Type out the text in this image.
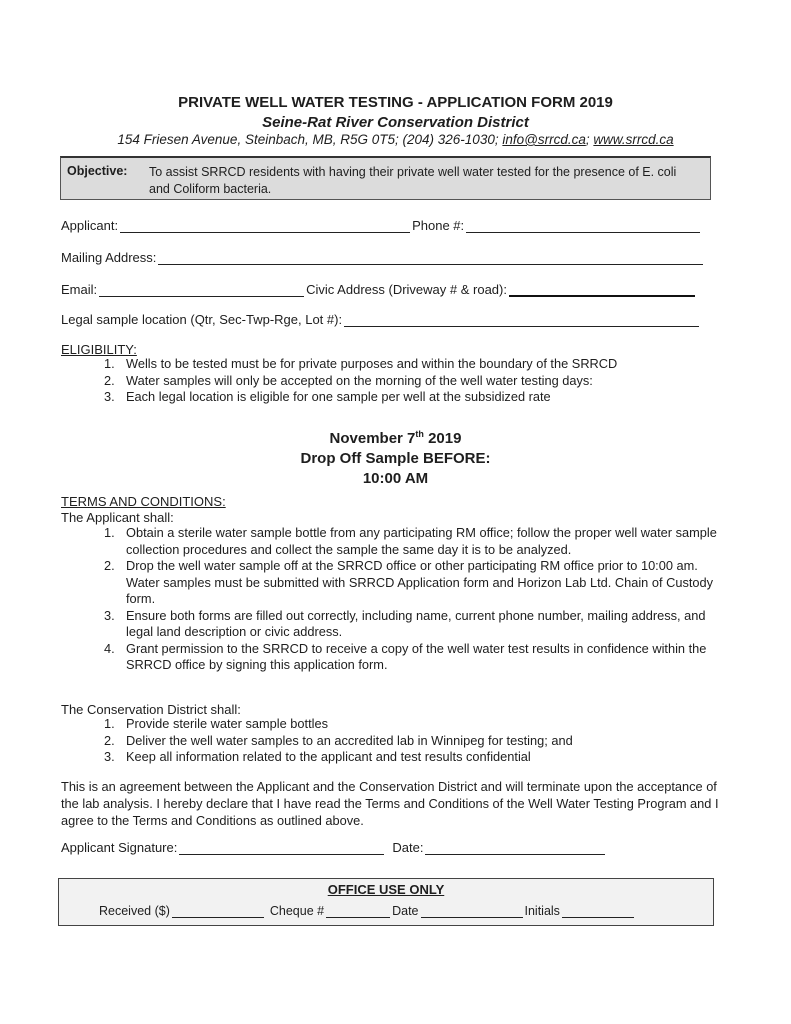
PRIVATE WELL WATER TESTING - APPLICATION FORM 2019
Seine-Rat River Conservation District
154 Friesen Avenue, Steinbach, MB, R5G 0T5; (204) 326-1030; info@srrcd.ca; www.srrcd.ca
Objective: To assist SRRCD residents with having their private well water tested for the presence of E. coli and Coliform bacteria.
Applicant:	Phone #:
Mailing Address:
Email:	Civic Address (Driveway # & road):
Legal sample location (Qtr, Sec-Twp-Rge, Lot #):
ELIGIBILITY:
1. Wells to be tested must be for private purposes and within the boundary of the SRRCD
2. Water samples will only be accepted on the morning of the well water testing days:
3. Each legal location is eligible for one sample per well at the subsidized rate
November 7th 2019
Drop Off Sample BEFORE:
10:00 AM
TERMS AND CONDITIONS:
The Applicant shall:
1. Obtain a sterile water sample bottle from any participating RM office; follow the proper well water sample collection procedures and collect the sample the same day it is to be analyzed.
2. Drop the well water sample off at the SRRCD office or other participating RM office prior to 10:00 am. Water samples must be submitted with SRRCD Application form and Horizon Lab Ltd. Chain of Custody form.
3. Ensure both forms are filled out correctly, including name, current phone number, mailing address, and legal land description or civic address.
4. Grant permission to the SRRCD to receive a copy of the well water test results in confidence within the SRRCD office by signing this application form.
The Conservation District shall:
1. Provide sterile water sample bottles
2. Deliver the well water samples to an accredited lab in Winnipeg for testing; and
3. Keep all information related to the applicant and test results confidential
This is an agreement between the Applicant and the Conservation District and will terminate upon the acceptance of the lab analysis. I hereby declare that I have read the Terms and Conditions of the Well Water Testing Program and I agree to the Terms and Conditions as outlined above.
Applicant Signature:	Date:
OFFICE USE ONLY
Received ($)	Cheque #	Date	Initials
